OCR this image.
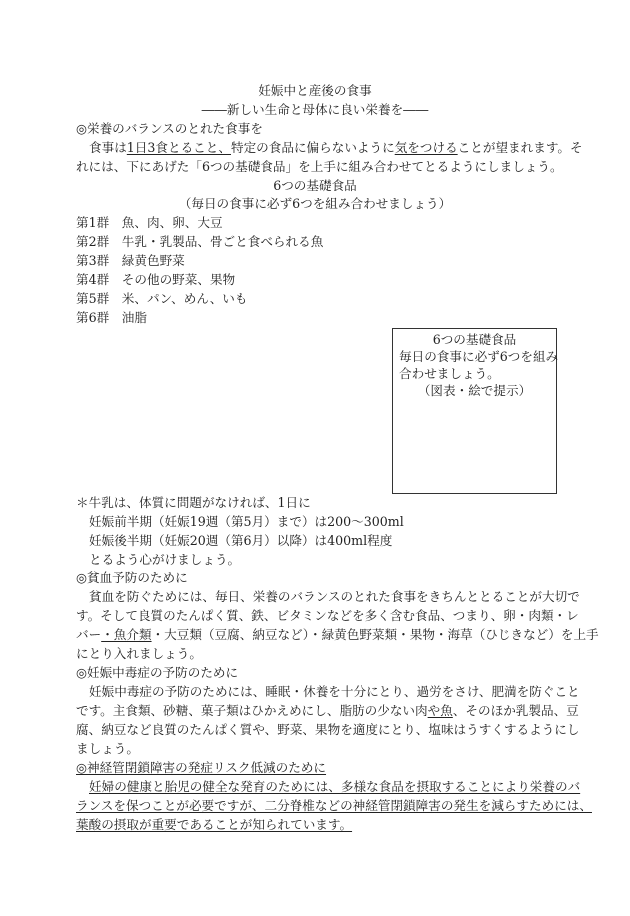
妊娠中と産後の食事
――新しい生命と母体に良い栄養を――
◎栄養のバランスのとれた食事を
食事は1日3食とること、特定の食品に偏らないように気をつけることが望まれます。そ
れには、下にあげた「6つの基礎食品」を上手に組み合わせてとるようにしましょう。
6つの基礎食品
（毎日の食事に必ず6つを組み合わせましょう）
第1群　魚、肉、卵、大豆
第2群　牛乳・乳製品、骨ごと食べられる魚
第3群　緑黄色野菜
第4群　その他の野菜、果物
第5群　米、パン、めん、いも
第6群　油脂
6つの基礎食品
毎日の食事に必ず6つを組み
合わせましょう。
（図表・絵で提示）
＊牛乳は、体質に問題がなければ、1日に
妊娠前半期（妊娠19週（第5月）まで）は200～300ml
妊娠後半期（妊娠20週（第6月）以降）は400ml程度
とるよう心がけましょう。
◎貧血予防のために
貧血を防ぐためには、毎日、栄養のバランスのとれた食事をきちんととることが大切で
す。そして良質のたんぱく質、鉄、ビタミンなどを多く含む食品、つまり、卵・肉類・レ
バー・魚介類・大豆類（豆腐、納豆など）・緑黄色野菜類・果物・海草（ひじきなど）を上手
にとり入れましょう。
◎妊娠中毒症の予防のために
妊娠中毒症の予防のためには、睡眠・休養を十分にとり、過労をさけ、肥満を防ぐこと
です。主食類、砂糖、菓子類はひかえめにし、脂肪の少ない肉や魚、そのほか乳製品、豆
腐、納豆など良質のたんぱく質や、野菜、果物を適度にとり、塩味はうすくするようにし
ましょう。
◎神経管閉鎖障害の発症リスク低減のために
妊婦の健康と胎児の健全な発育のためには、多様な食品を摂取することにより栄養のバ
ランスを保つことが必要ですが、二分脊椎などの神経管閉鎖障害の発生を減らすためには、
葉酸の摂取が重要であることが知られています。
